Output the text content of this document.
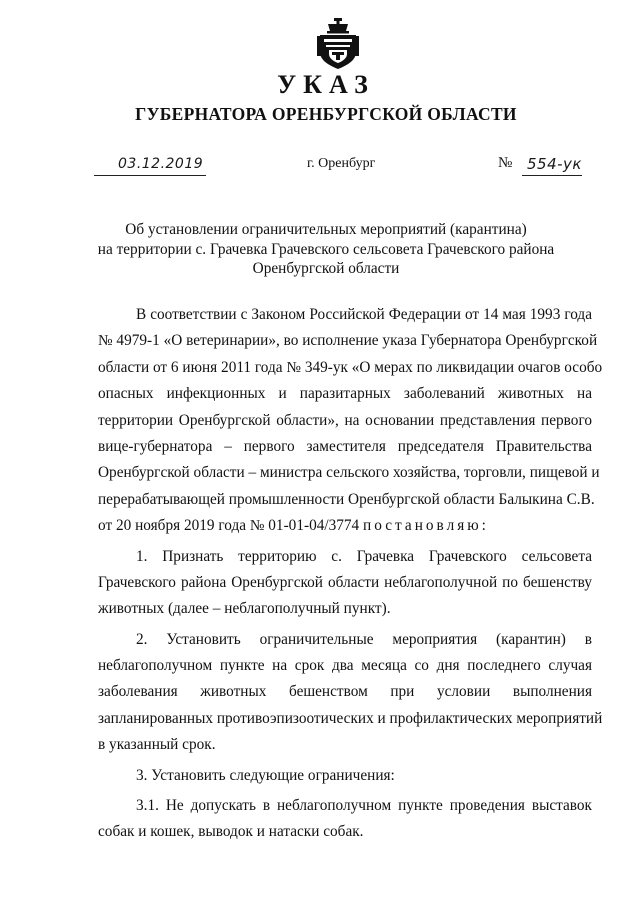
УКАЗ
ГУБЕРНАТОРА ОРЕНБУРГСКОЙ ОБЛАСТИ
03.12.2019	г. Оренбург	№ 554-ук
Об установлении ограничительных мероприятий (карантина)
на территории с. Грачевка Грачевского сельсовета Грачевского района
Оренбургской области
В соответствии с Законом Российской Федерации от 14 мая 1993 года
№ 4979-1 «О ветеринарии», во исполнение указа Губернатора Оренбургской
области от 6 июня 2011 года № 349-ук «О мерах по ликвидации очагов особо
опасных инфекционных и паразитарных заболеваний животных на
территории Оренбургской области», на основании представления первого
вице-губернатора – первого заместителя председателя Правительства
Оренбургской области – министра сельского хозяйства, торговли, пищевой и
перерабатывающей промышленности Оренбургской области Балыкина С.В.
от 20 ноября 2019 года № 01-01-04/3774 постановляю:
1. Признать территорию с. Грачевка Грачевского сельсовета
Грачевского района Оренбургской области неблагополучной по бешенству
животных (далее – неблагополучный пункт).
2. Установить ограничительные мероприятия (карантин) в
неблагополучном пункте на срок два месяца со дня последнего случая
заболевания животных бешенством при условии выполнения
запланированных противоэпизоотических и профилактических мероприятий
в указанный срок.
3. Установить следующие ограничения:
3.1. Не допускать в неблагополучном пункте проведения выставок
собак и кошек, выводок и натаски собак.
